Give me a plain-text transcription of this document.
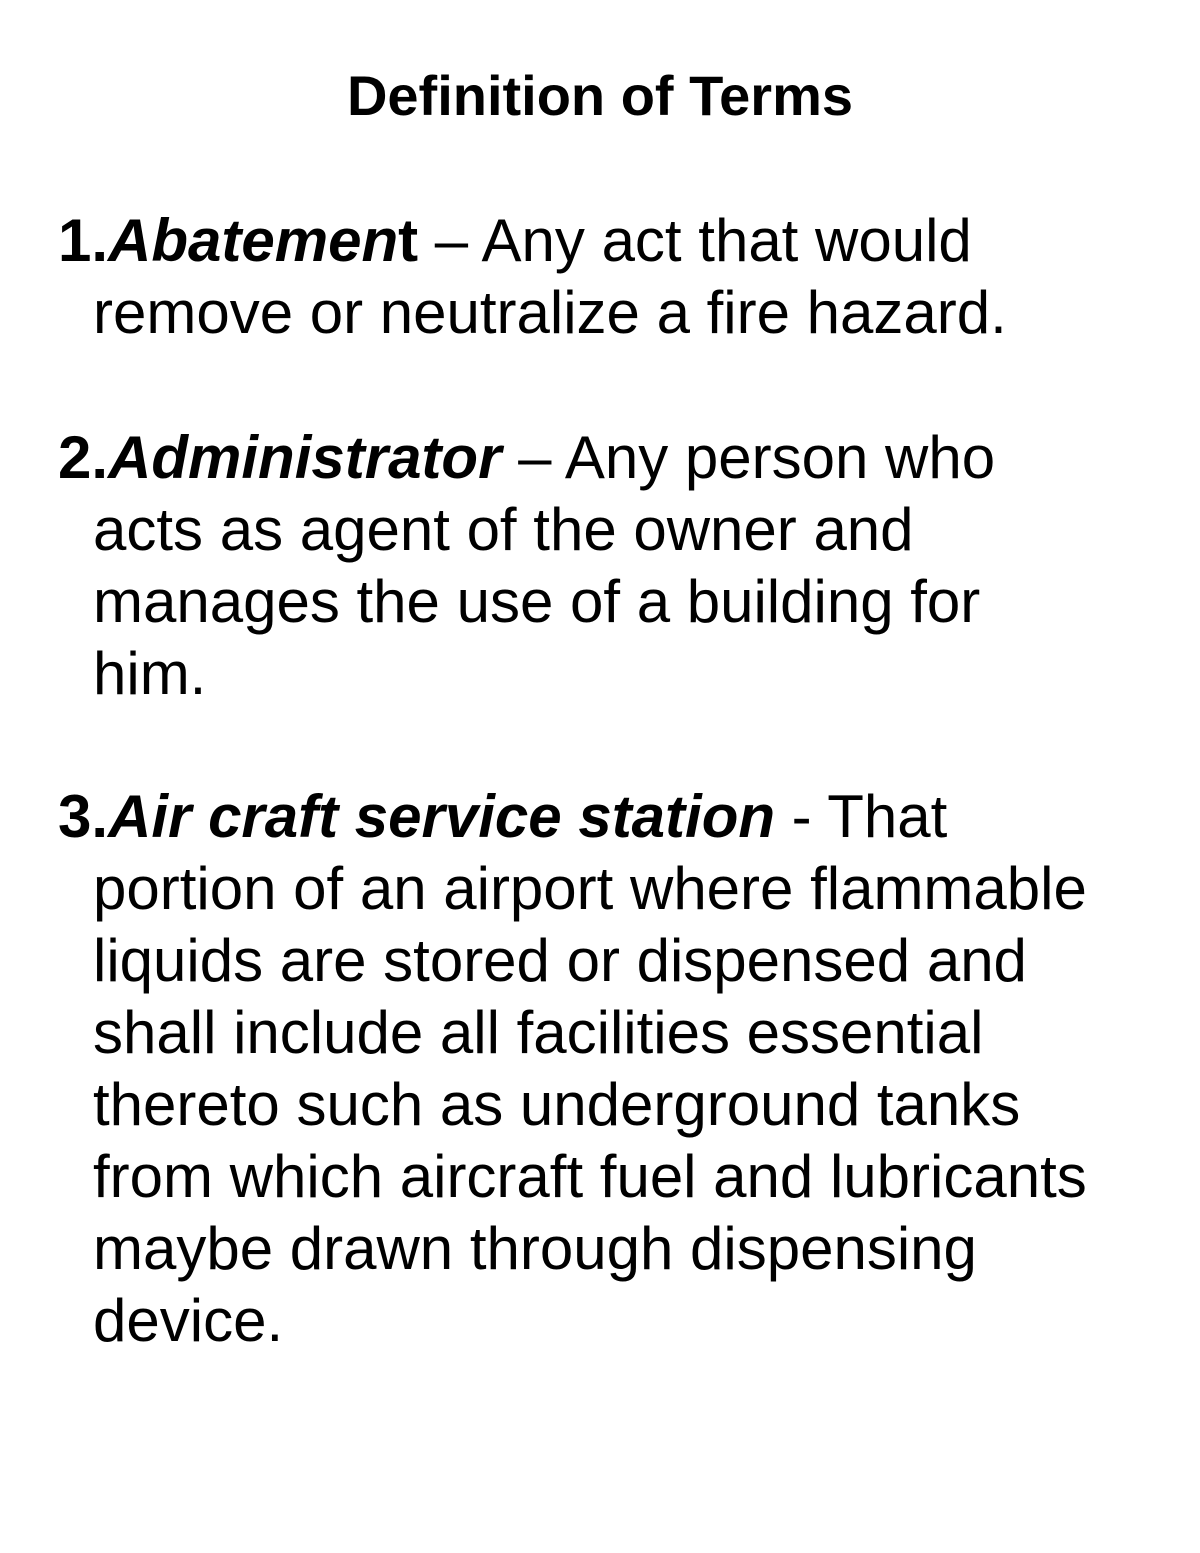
Definition of Terms
1.Abatement – Any act that would
remove or neutralize a fire hazard.
2.Administrator – Any person who
acts as agent of the owner and
manages the use of a building for
him.
3.Air craft service station - That
portion of an airport where flammable
liquids are stored or dispensed and
shall include all facilities essential
thereto such as underground tanks
from which aircraft fuel and lubricants
maybe drawn through dispensing
device.
